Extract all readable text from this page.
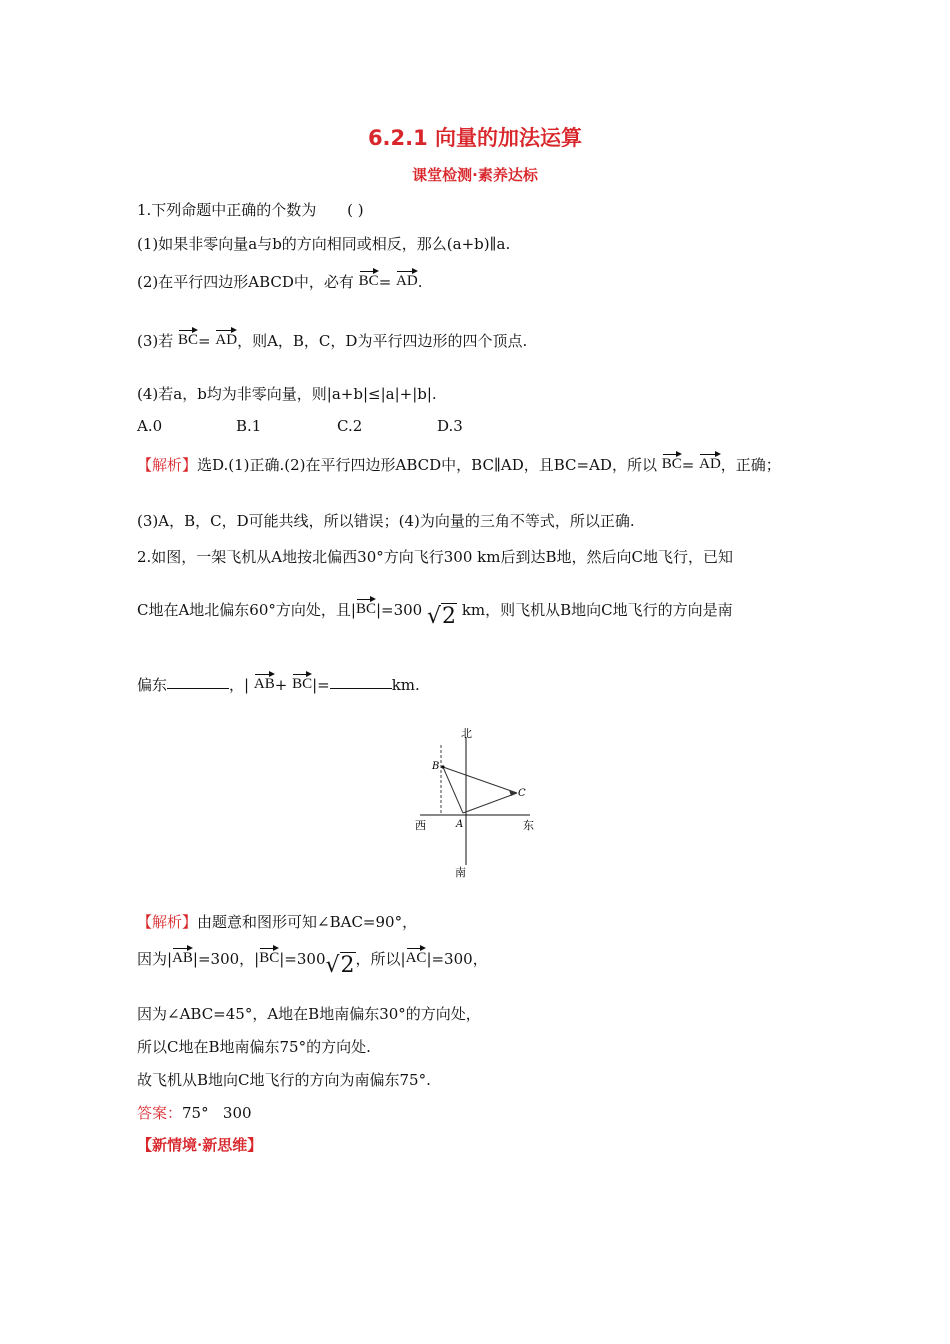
6.2.1 向量的加法运算
课堂检测·素养达标
1.下列命题中正确的个数为 ( )
(1)如果非零向量a与b的方向相同或相反，那么(a+b)∥a.
(2)在平行四边形ABCD中，必有 BC= AD.
(3)若 BC= AD，则A，B，C，D为平行四边形的四个顶点.
(4)若a，b均为非零向量，则|a+b|≤|a|+|b|.
A.0	B.1	C.2	D.3
【解析】选D.(1)正确.(2)在平行四边形ABCD中，BC∥AD，且BC=AD，所以 BC= AD，正确；
(3)A，B，C，D可能共线，所以错误；(4)为向量的三角不等式，所以正确.
2.如图，一架飞机从A地按北偏西30°方向飞行300 km后到达B地，然后向C地飞行，已知
C地在A地北偏东60°方向处，且|BC|=300 √2 km，则飞机从B地向C地飞行的方向是南
偏东	，| AB+ BC|=	km.
北
南
西	东
A
B
C
【解析】由题意和图形可知∠BAC=90°，
因为|AB|=300，|BC|=300√2，所以|AC|=300，
因为∠ABC=45°，A地在B地南偏东30°的方向处，
所以C地在B地南偏东75°的方向处.
故飞机从B地向C地飞行的方向为南偏东75°.
答案：75°   300
【新情境·新思维】
